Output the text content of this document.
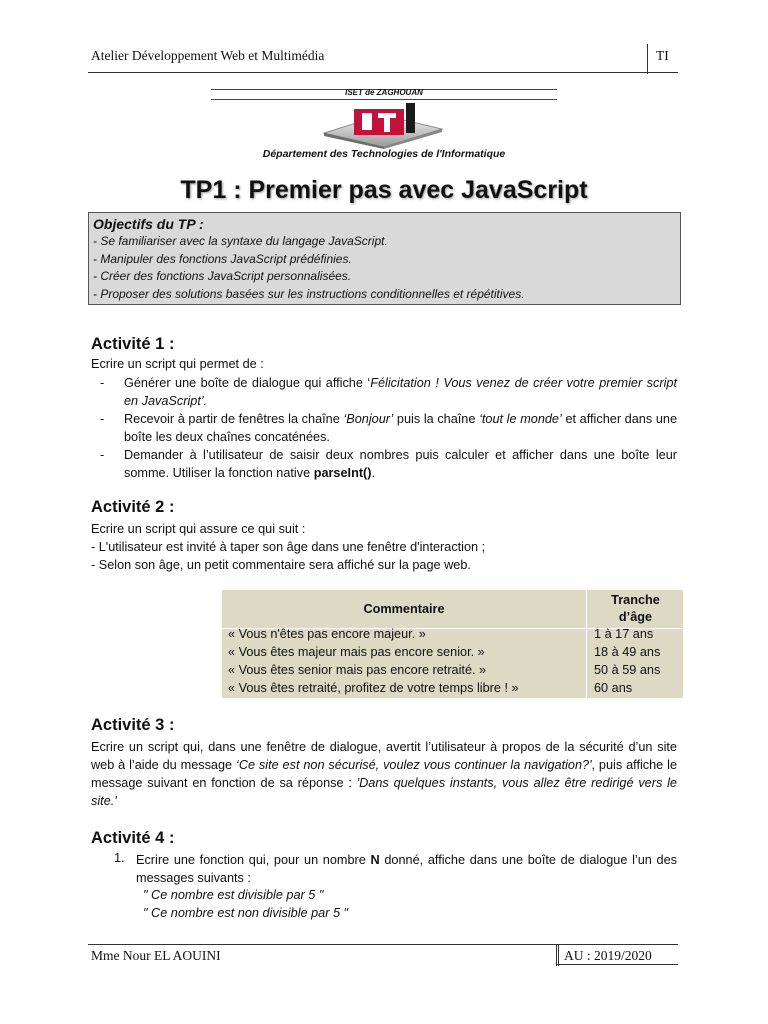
Atelier Développement Web et Multimédia	TI
ISET de ZAGHOUAN
Département des Technologies de l'Informatique
TP1 : Premier pas avec JavaScript
Objectifs du TP :
- Se familiariser avec la syntaxe du langage JavaScript.
- Manipuler des fonctions JavaScript prédéfinies.
- Créer des fonctions JavaScript personnalisées.
- Proposer des solutions basées sur les instructions conditionnelles et répétitives.
Activité 1 :
Ecrire un script qui permet de :
- Générer une boîte de dialogue qui affiche ‘Félicitation ! Vous venez de créer votre premier script en JavaScript’.
- Recevoir à partir de fenêtres la chaîne ‘Bonjour’ puis la chaîne ‘tout le monde’ et afficher dans une boîte les deux chaînes concaténées.
- Demander à l’utilisateur de saisir deux nombres puis calculer et afficher dans une boîte leur somme. Utiliser la fonction native parseInt().
Activité 2 :
Ecrire un script qui assure ce qui suit :
- L'utilisateur est invité à taper son âge dans une fenêtre d'interaction ;
- Selon son âge, un petit commentaire sera affiché sur la page web.
Commentaire
Tranche
d’âge
« Vous n'êtes pas encore majeur. »	1 à 17 ans
« Vous êtes majeur mais pas encore senior. »	18 à 49 ans
« Vous êtes senior mais pas encore retraité. »	50 à 59 ans
« Vous êtes retraité, profitez de votre temps libre ! »	60 ans
Activité 3 :
Ecrire un script qui, dans une fenêtre de dialogue, avertit l’utilisateur à propos de la sécurité d’un site web à l’aide du message ‘Ce site est non sécurisé, voulez vous continuer la navigation?', puis affiche le message suivant en fonction de sa réponse : 'Dans quelques instants, vous allez être redirigé vers le site.'
Activité 4 :
1. Ecrire une fonction qui, pour un nombre N donné, affiche dans une boîte de dialogue l’un des messages suivants :
" Ce nombre est divisible par 5 "
" Ce nombre est non divisible par 5 "
Mme Nour EL AOUINI	AU : 2019/2020
